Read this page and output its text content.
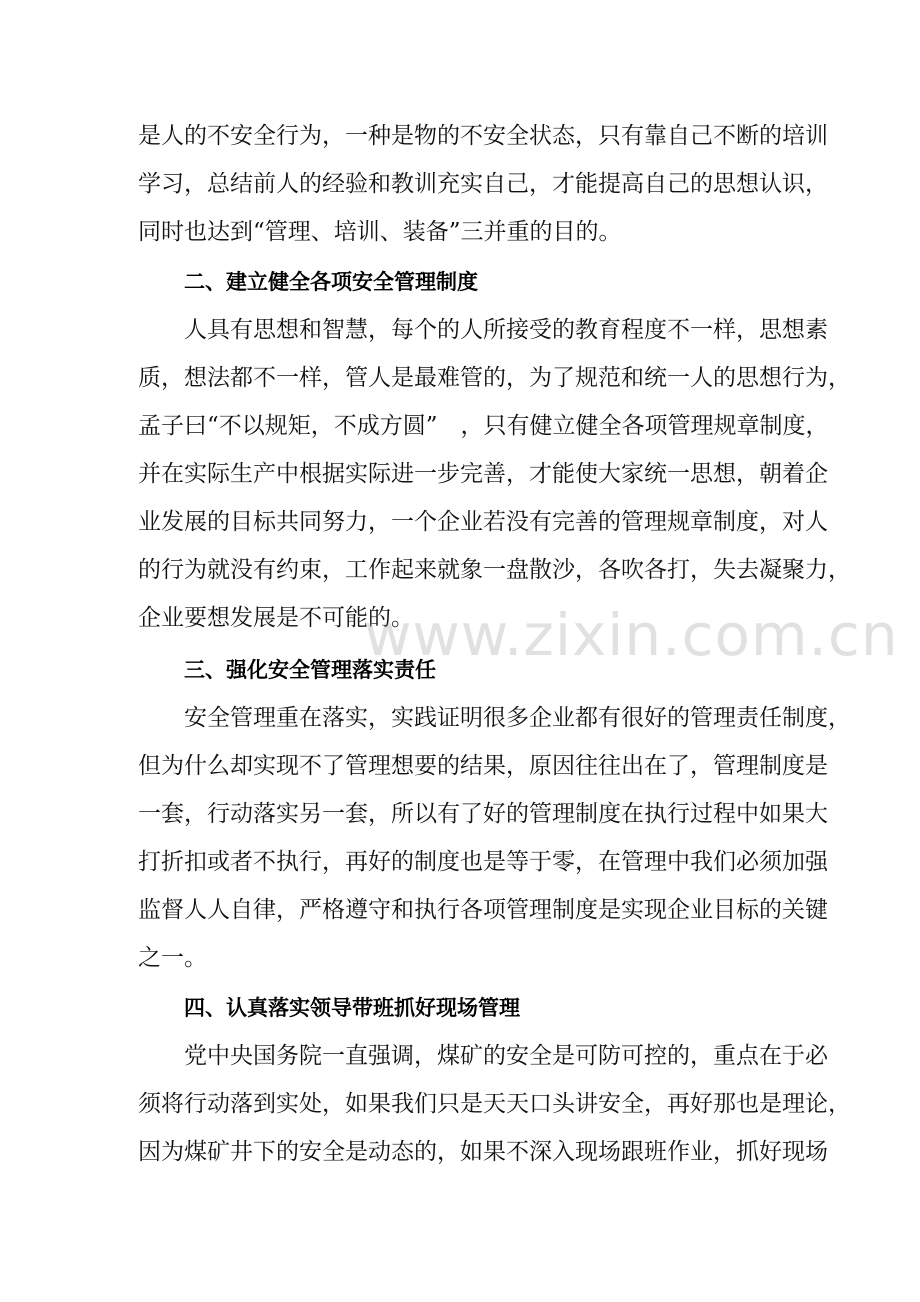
是人的不安全行为，一种是物的不安全状态，只有靠自己不断的培训
学习，总结前人的经验和教训充实自己，才能提高自己的思想认识，
同时也达到“管理、培训、装备”三并重的目的。
二、建立健全各项安全管理制度
人具有思想和智慧，每个的人所接受的教育程度不一样，思想素
质，想法都不一样，管人是最难管的，为了规范和统一人的思想行为，
孟子曰“不以规矩，不成方圆”　，只有健立健全各项管理规章制度，
并在实际生产中根据实际进一步完善，才能使大家统一思想，朝着企
业发展的目标共同努力，一个企业若没有完善的管理规章制度，对人
的行为就没有约束，工作起来就象一盘散沙，各吹各打，失去凝聚力，
企业要想发展是不可能的。
三、强化安全管理落实责任
安全管理重在落实，实践证明很多企业都有很好的管理责任制度，
但为什么却实现不了管理想要的结果，原因往往出在了，管理制度是
一套，行动落实另一套，所以有了好的管理制度在执行过程中如果大
打折扣或者不执行，再好的制度也是等于零，在管理中我们必须加强
监督人人自律，严格遵守和执行各项管理制度是实现企业目标的关键
之一。
四、认真落实领导带班抓好现场管理
党中央国务院一直强调，煤矿的安全是可防可控的，重点在于必
须将行动落到实处，如果我们只是天天口头讲安全，再好那也是理论，
因为煤矿井下的安全是动态的，如果不深入现场跟班作业，抓好现场
www.zixin.com.cn
